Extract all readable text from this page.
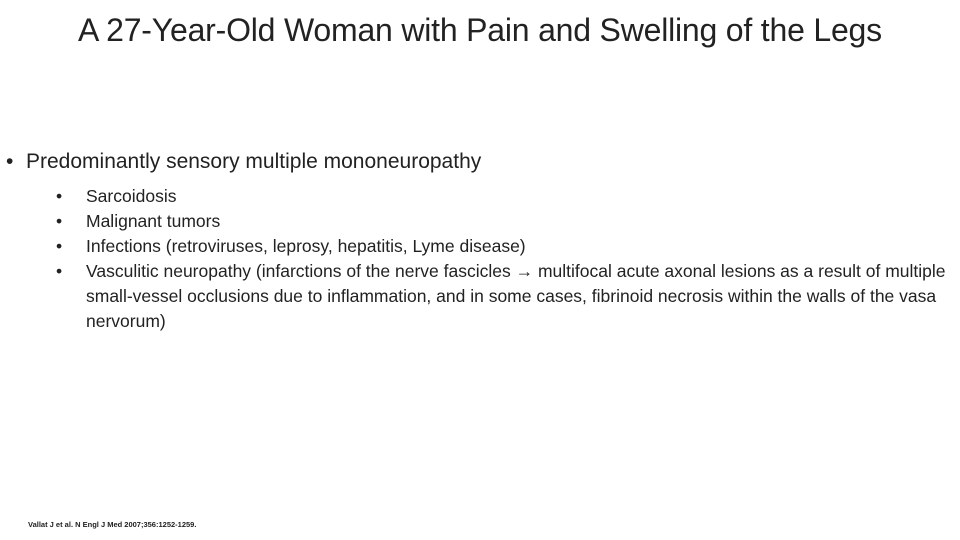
A 27-Year-Old Woman with Pain and Swelling of the Legs
• Predominantly sensory multiple mononeuropathy
•	Sarcoidosis
•	Malignant tumors
•	Infections (retroviruses, leprosy, hepatitis, Lyme disease)
•	Vasculitic neuropathy (infarctions of the nerve fascicles → multifocal acute axonal lesions as a result of multiple small-vessel occlusions due to inflammation, and in some cases, fibrinoid necrosis within the walls of the vasa nervorum)
Vallat J et al. N Engl J Med 2007;356:1252-1259.
